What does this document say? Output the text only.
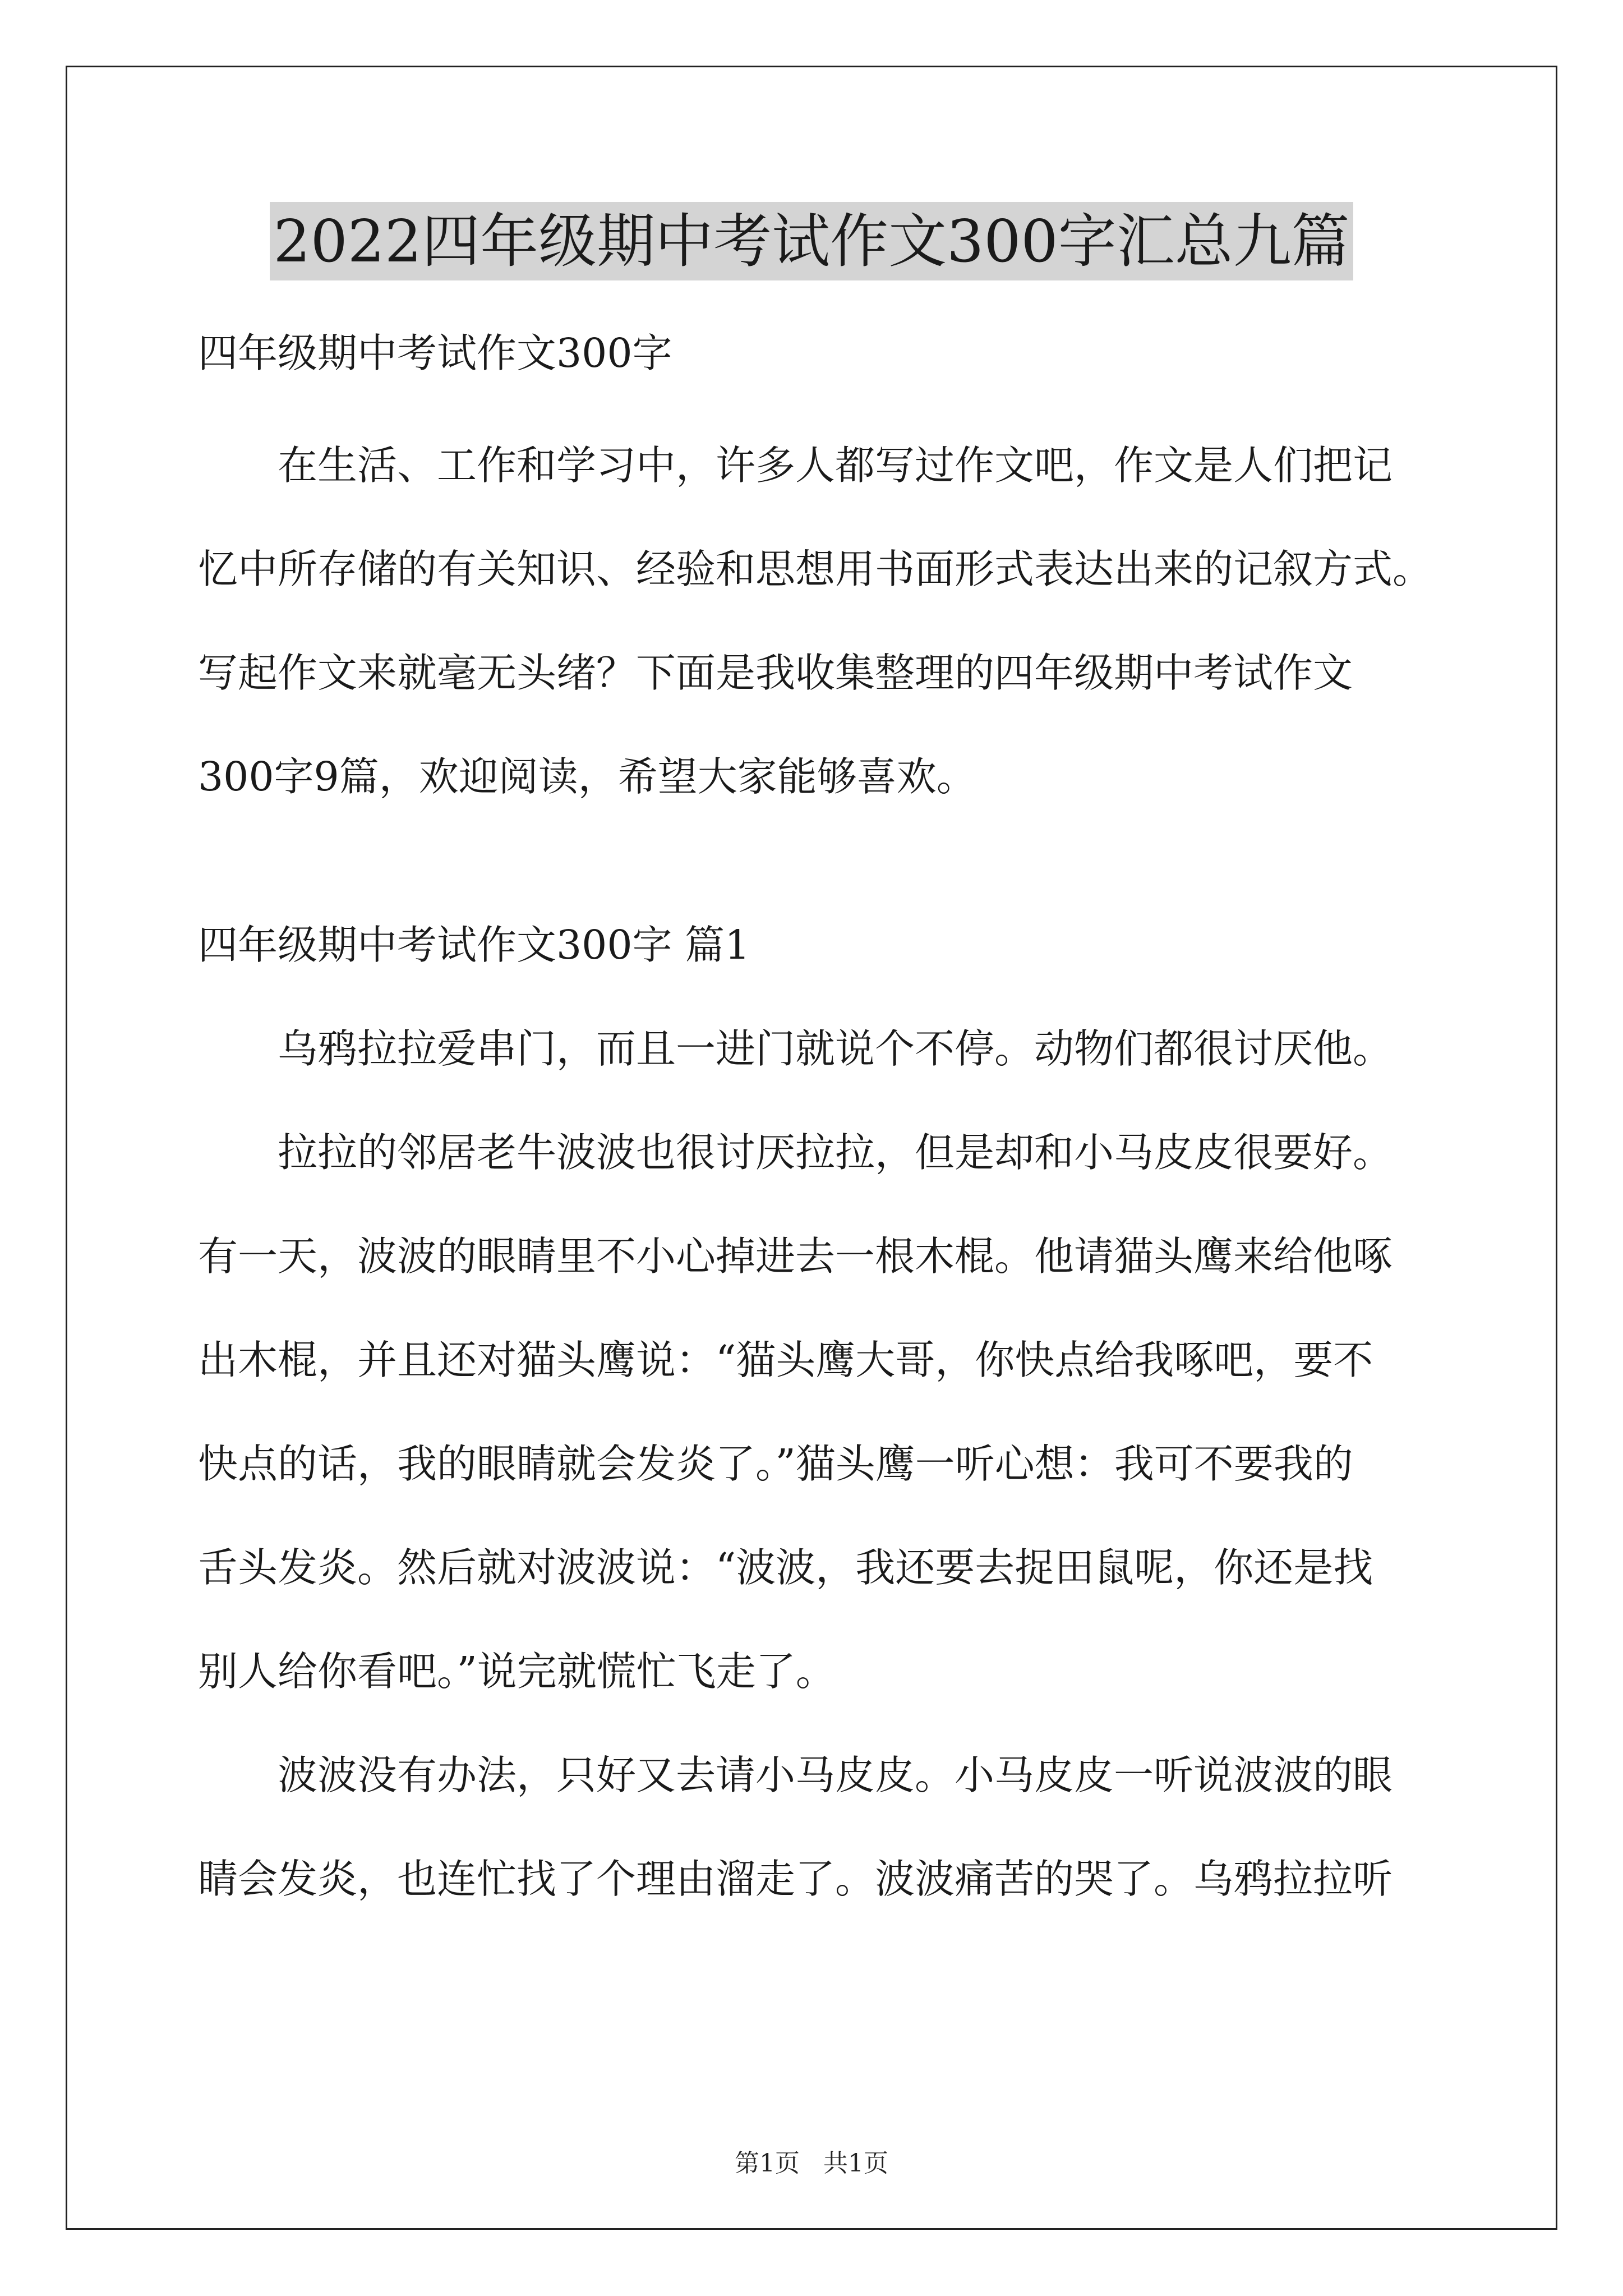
2022四年级期中考试作文300字汇总九篇
四年级期中考试作文300字
　　在生活、工作和学习中，许多人都写过作文吧，作文是人们把记
忆中所存储的有关知识、经验和思想用书面形式表达出来的记叙方式。
写起作文来就毫无头绪？下面是我收集整理的四年级期中考试作文
300字9篇，欢迎阅读，希望大家能够喜欢。
四年级期中考试作文300字 篇1
　　乌鸦拉拉爱串门，而且一进门就说个不停。动物们都很讨厌他。
　　拉拉的邻居老牛波波也很讨厌拉拉，但是却和小马皮皮很要好。
有一天，波波的眼睛里不小心掉进去一根木棍。他请猫头鹰来给他啄
出木棍，并且还对猫头鹰说：“猫头鹰大哥，你快点给我啄吧，要不
快点的话，我的眼睛就会发炎了。”猫头鹰一听心想：我可不要我的
舌头发炎。然后就对波波说：“波波，我还要去捉田鼠呢，你还是找
别人给你看吧。”说完就慌忙飞走了。
　　波波没有办法，只好又去请小马皮皮。小马皮皮一听说波波的眼
睛会发炎，也连忙找了个理由溜走了。波波痛苦的哭了。乌鸦拉拉听
第1页 共1页
